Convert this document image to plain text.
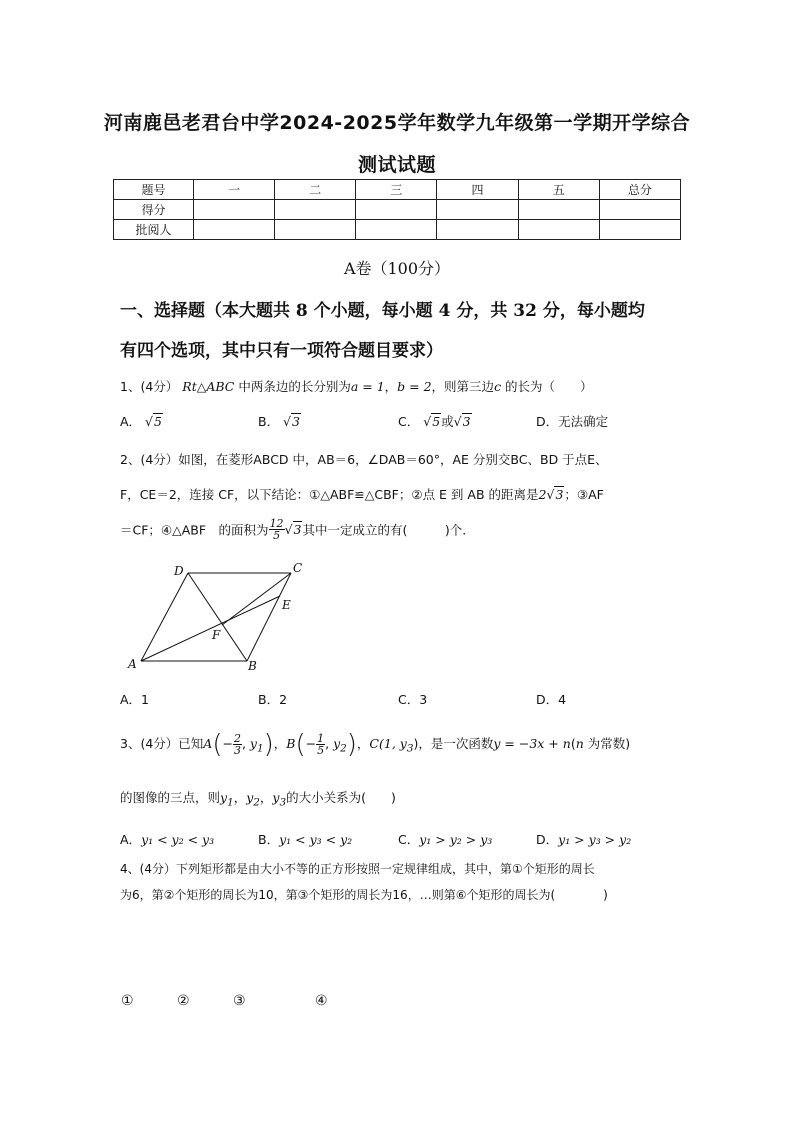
河南鹿邑老君台中学2024-2025学年数学九年级第一学期开学综合
测试试题
题号	一	二	三	四	五	总分
得分						
批阅人						
A卷（100分）
一、选择题（本大题共 8 个小题，每小题 4 分，共 32 分，每小题均
有四个选项，其中只有一项符合题目要求）
1、(4分） Rt△ABC 中两条边的长分别为a = 1，b = 2，则第三边c 的长为（　　）
A． √5	B． √3	C． √5或√3	D．无法确定
2、(4分）如图，在菱形ABCD 中，AB＝6，∠DAB＝60°，AE 分别交BC、BD 于点E、
F，CE＝2，连接 CF，以下结论：①△ABF≌△CBF；②点 E 到 AB 的距离是2√3；③AF
＝CF；④△ABF　的面积为 $\frac{12}{5} √3$其中一定成立的有(　　　)个.
D	C
E
F
A	B
A．1	B．2	C．3	D．4
3、(4分）已知$A(- \frac{2}{3}$ , $y_1$)，$B(- \frac{1}{5}$ , $y_2$)，C(1, $y_3$)，是一次函数y = −3x + n(n 为常数)
的图像的三点，则$y_1$，$y_2$，$y_3$的大小关系为(　　)
A．y₁ < y₂ < y₃	B．y₁ < y₃ < y₂	C．y₁ > y₂ > y₃	D．y₁ > y₃ > y₂
4、(4分）下列矩形都是由大小不等的正方形按照一定规律组成，其中，第①个矩形的周长
为6，第②个矩形的周长为10，第③个矩形的周长为16，…则第⑥个矩形的周长为(　　　　)
①	②	③	④
